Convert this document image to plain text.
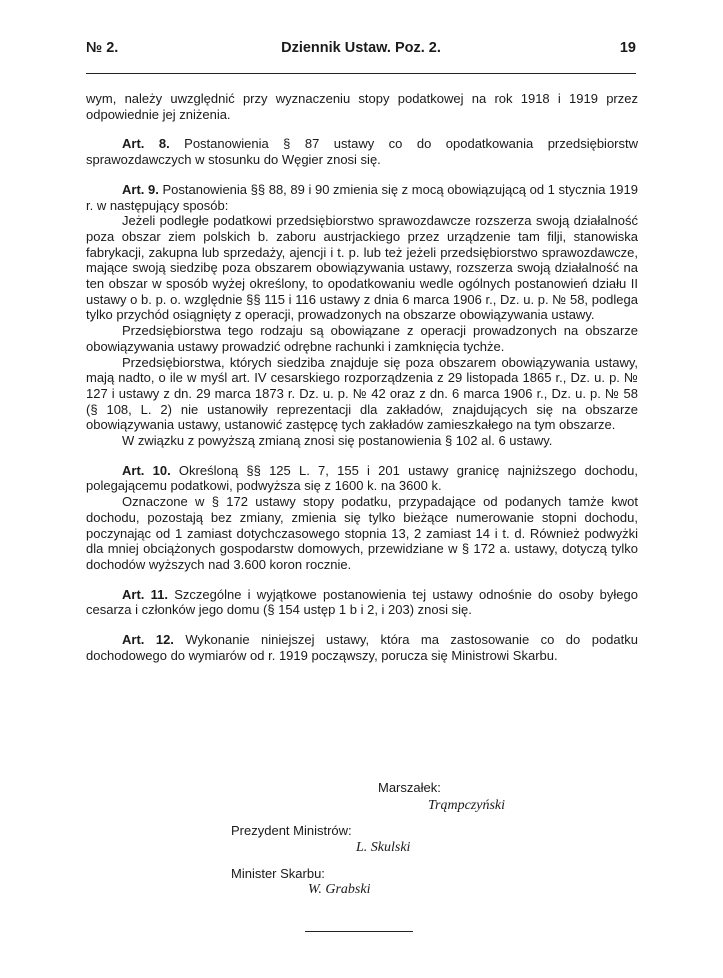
№ 2.	Dziennik Ustaw. Poz. 2.	19

wym, należy uwzględnić przy wyznaczeniu stopy podatkowej na rok 1918 i 1919 przez odpowiednie jej zniżenia.

Art. 8. Postanowienia § 87 ustawy co do opodatkowania przedsiębiorstw sprawozdawczych w stosunku do Węgier znosi się.

Art. 9. Postanowienia §§ 88, 89 i 90 zmienia się z mocą obowiązującą od 1 stycznia 1919 r. w następujący sposób:

Jeżeli podległe podatkowi przedsiębiorstwo sprawozdawcze rozszerza swoją działalność poza obszar ziem polskich b. zaboru austrjackiego przez urządzenie tam filji, stanowiska fabrykacji, zakupna lub sprzedaży, ajencji i t. p. lub też jeżeli przedsiębiorstwo sprawozdawcze, mające swoją siedzibę poza obszarem obowiązywania ustawy, rozszerza swoją działalność na ten obszar w sposób wyżej określony, to opodatkowaniu wedle ogólnych postanowień działu II ustawy o b. p. o. względnie §§ 115 i 116 ustawy z dnia 6 marca 1906 r., Dz. u. p. № 58, podlega tylko przychód osiągnięty z operacji, prowadzonych na obszarze obowiązywania ustawy.

Przedsiębiorstwa tego rodzaju są obowiązane z operacji prowadzonych na obszarze obowiązywania ustawy prowadzić odrębne rachunki i zamknięcia tychże.

Przedsiębiorstwa, których siedziba znajduje się poza obszarem obowiązywania ustawy, mają nadto, o ile w myśl art. IV cesarskiego rozporządzenia z 29 listopada 1865 r., Dz. u. p. № 127 i ustawy z dn. 29 marca 1873 r. Dz. u. p. № 42 oraz z dn. 6 marca 1906 r., Dz. u. p. № 58 (§ 108, L. 2) nie ustanowiły reprezentacji dla zakładów, znajdujących się na obszarze obowiązywania ustawy, ustanowić zastępcę tych zakładów zamieszkałego na tym obszarze.

W związku z powyższą zmianą znosi się postanowienia § 102 al. 6 ustawy.

Art. 10. Określoną §§ 125 L. 7, 155 i 201 ustawy granicę najniższego dochodu, polegającemu podatkowi, podwyższa się z 1600 k. na 3600 k.

Oznaczone w § 172 ustawy stopy podatku, przypadające od podanych tamże kwot dochodu, pozostają bez zmiany, zmienia się tylko bieżące numerowanie stopni dochodu, poczynając od 1 zamiast dotychczasowego stopnia 13, 2 zamiast 14 i t. d. Również podwyżki dla mniej obciążonych gospodarstw domowych, przewidziane w § 172 a. ustawy, dotyczą tylko dochodów wyższych nad 3.600 koron rocznie.

Art. 11. Szczególne i wyjątkowe postanowienia tej ustawy odnośnie do osoby byłego cesarza i członków jego domu (§ 154 ustęp 1 b i 2, i 203) znosi się.

Art. 12. Wykonanie niniejszej ustawy, która ma zastosowanie co do podatku dochodowego do wymiarów od r. 1919 począwszy, porucza się Ministrowi Skarbu.

Marszałek:
Trąmpczyński
Prezydent Ministrów:
L. Skulski
Minister Skarbu:
W. Grabski
